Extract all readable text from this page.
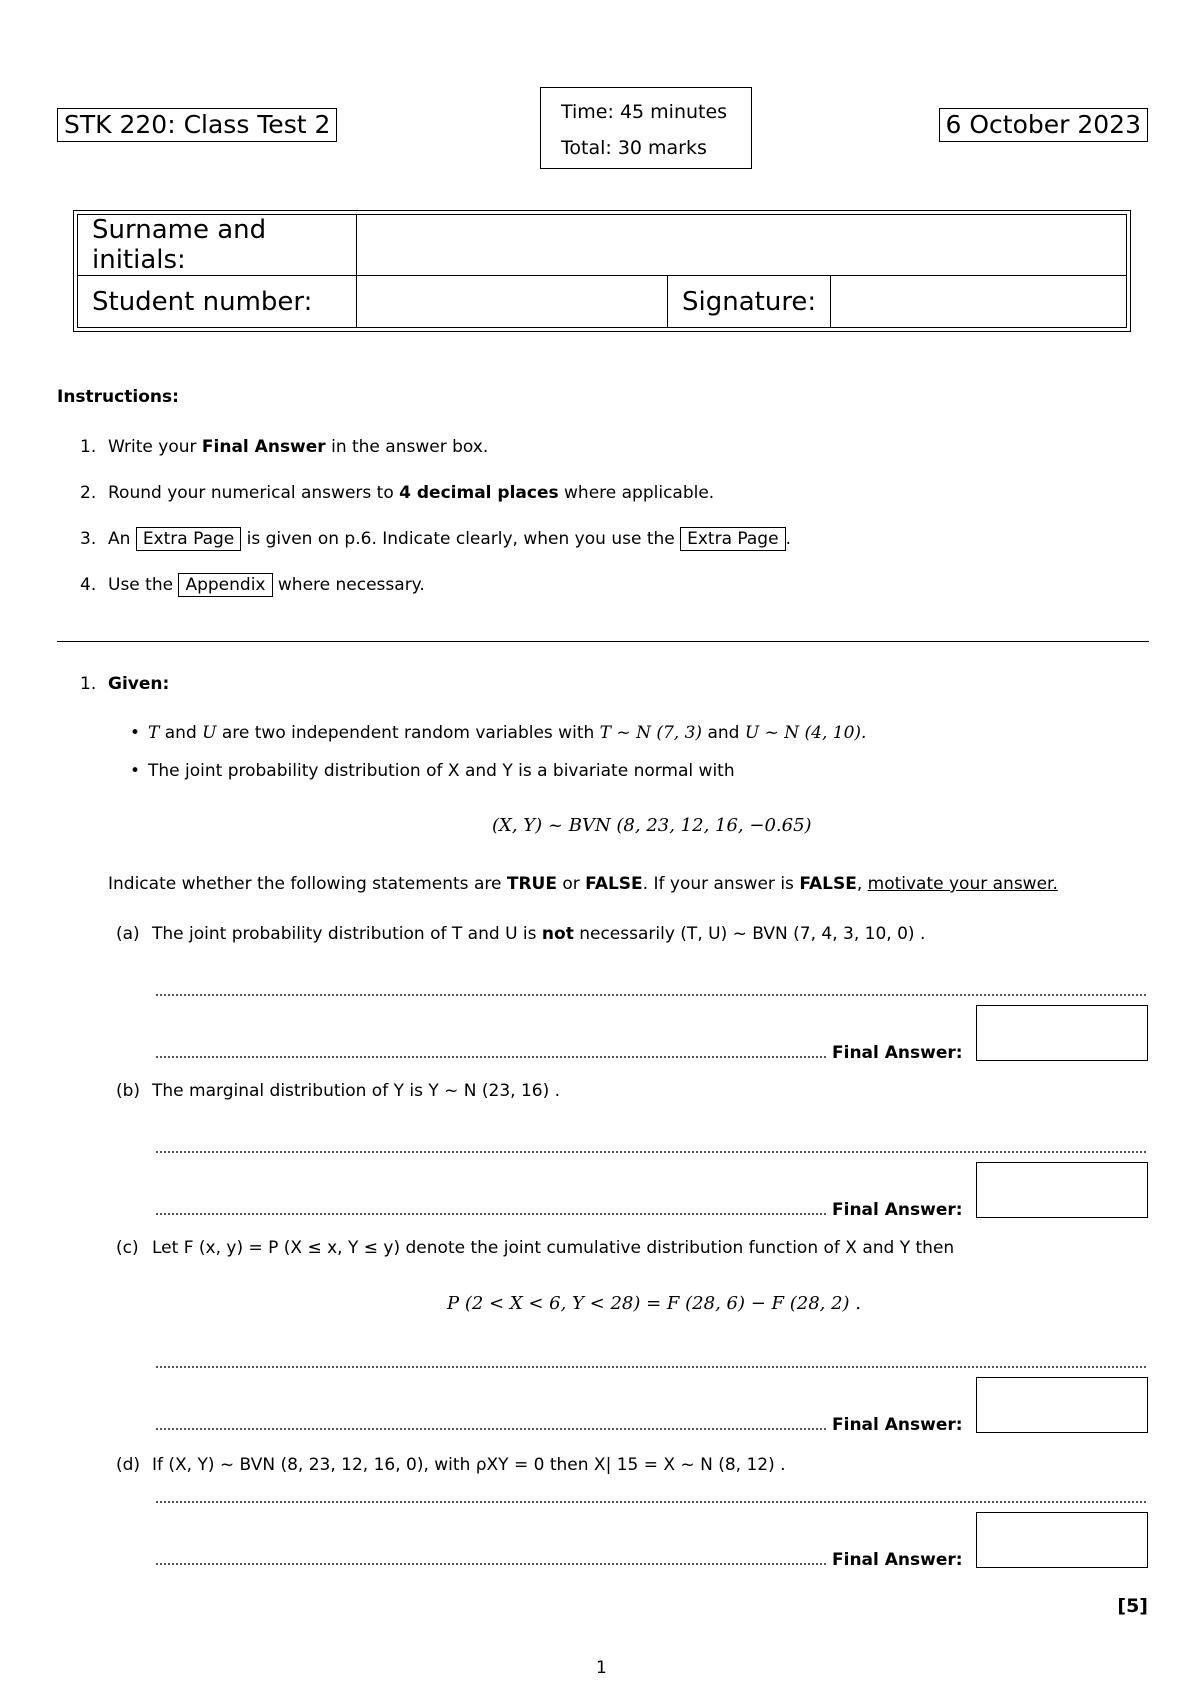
STK 220: Class Test 2	Time: 45 minutes
Total: 30 marks
6 October 2023
Surname and initials:			
Student number:		Signature:	
Instructions:
1. Write your Final Answer in the answer box.
2. Round your numerical answers to 4 decimal places where applicable.
3. An Extra Page is given on p.6. Indicate clearly, when you use the Extra Page .
4. Use the Appendix where necessary.
1. Given:
• T and U are two independent random variables with T ~ N (7, 3) and U ~ N (4, 10).
• The joint probability distribution of X and Y is a bivariate normal with
(X, Y) ~ BVN (8, 23, 12, 16, −0.65)
Indicate whether the following statements are TRUE or FALSE. If your answer is FALSE, motivate your answer.
(a) The joint probability distribution of T and U is not necessarily (T, U) ~ BVN (7, 4, 3, 10, 0) .
Final Answer:
(b) The marginal distribution of Y is Y ~ N (23, 16) .
Final Answer:
(c) Let F (x, y) = P (X ≤ x, Y ≤ y) denote the joint cumulative distribution function of X and Y then
P (2 < X < 6, Y < 28) = F (28, 6) − F (28, 2) .
Final Answer:
(d) If (X, Y) ~ BVN (8, 23, 12, 16, 0), with ρXY = 0 then X| 15 = X ~ N (8, 12) .
Final Answer:
[5]
1
